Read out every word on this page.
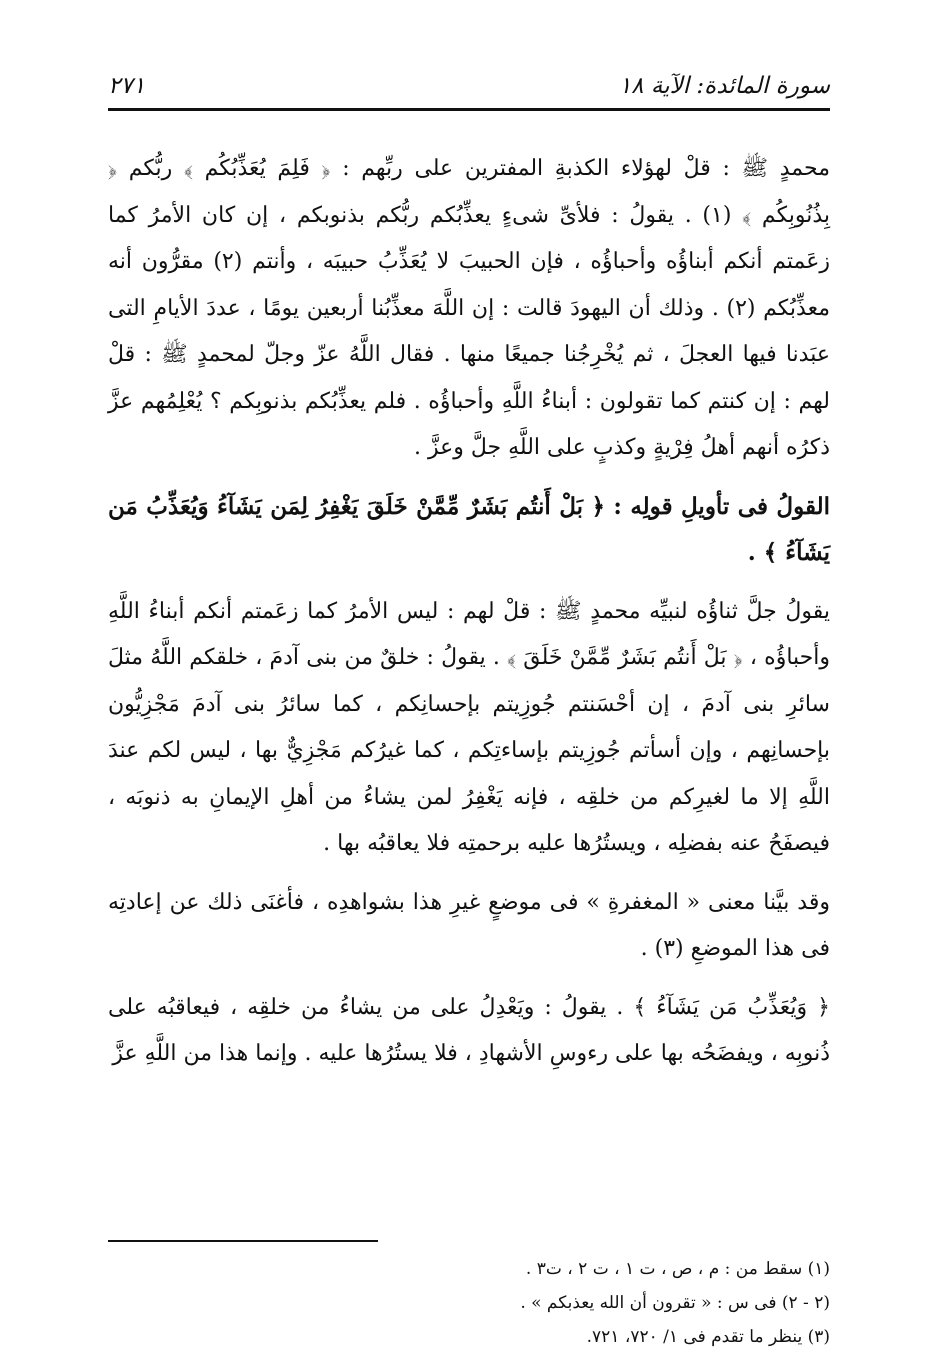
سورة المائدة: الآية ١٨
٢٧١

محمدٍ ﷺ : قلْ لهؤلاء الكذبةِ المفترين على ربِّهم : ﴿ فَلِمَ يُعَذِّبُكُم ﴾ ربُّكم ﴿ بِذُنُوبِكُم ﴾ (١) . يقولُ : فلأىِّ شىءٍ يعذِّبُكم ربُّكم بذنوبكم ، إن كان الأمرُ كما زعَمتم أنكم أبناؤُه وأحباؤُه ، فإن الحبيبَ لا يُعَذِّبُ حبيبَه ، وأنتم (٢) مقرُّون أنه معذِّبُكم (٢) . وذلك أن اليهودَ قالت : إن اللَّهَ معذِّبُنا أربعين يومًا ، عددَ الأيامِ التى عبَدنا فيها العجلَ ، ثم يُخْرِجُنا جميعًا منها . فقال اللَّهُ عزّ وجلّ لمحمدٍ ﷺ : قلْ لهم : إن كنتم كما تقولون : أبناءُ اللَّهِ وأحباؤُه . فلم يعذِّبُكم بذنوبِكم ؟ يُعْلِمُهم عزَّ ذكرُه أنهم أهلُ فِرْيةٍ وكذبٍ على اللَّهِ جلَّ وعزَّ .

القولُ فى تأويلِ قولِه : ﴿ بَلْ أَنتُم بَشَرٌ مِّمَّنْ خَلَقَ يَغْفِرُ لِمَن يَشَآءُ وَيُعَذِّبُ مَن يَشَآءُ ﴾ .

يقولُ جلَّ ثناؤُه لنبيِّه محمدٍ ﷺ : قلْ لهم : ليس الأمرُ كما زعَمتم أنكم أبناءُ اللَّهِ وأحباؤُه ، ﴿ بَلْ أَنتُم بَشَرٌ مِّمَّنْ خَلَقَ ﴾ . يقولُ : خلقٌ من بنى آدمَ ، خلقكم اللَّهُ مثلَ سائرِ بنى آدمَ ، إن أحْسَنتم جُوزِيتم بإحسانِكم ، كما سائرُ بنى آدمَ مَجْزِيُّون بإحسانِهم ، وإن أسأتم جُوزِيتم بإساءتِكم ، كما غيرُكم مَجْزِيٌّ بها ، ليس لكم عندَ اللَّهِ إلا ما لغيرِكم من خلقِه ، فإنه يَغْفِرُ لمن يشاءُ من أهلِ الإيمانِ به ذنوبَه ، فيصفَحُ عنه بفضلِه ، ويستُرُها عليه برحمتِه فلا يعاقبُه بها .

وقد بيَّنا معنى « المغفرةِ » فى موضعٍ غيرِ هذا بشواهدِه ، فأغنَى ذلك عن إعادتِه فى هذا الموضعِ (٣) .

﴿ وَيُعَذِّبُ مَن يَشَآءُ ﴾ . يقولُ : ويَعْدِلُ على من يشاءُ من خلقِه ، فيعاقبُه على ذُنوبِه ، ويفضَحُه بها على رءوسِ الأشهادِ ، فلا يستُرُها عليه . وإنما هذا من اللَّهِ عزَّ

(١) سقط من : م ، ص ، ت ١ ، ت ٢ ، ت٣ .

(٢ - ٢) فى س : « تقرون أن الله يعذبكم » .

(٣) ينظر ما تقدم فى ١/ ٧٢٠، ٧٢١.
